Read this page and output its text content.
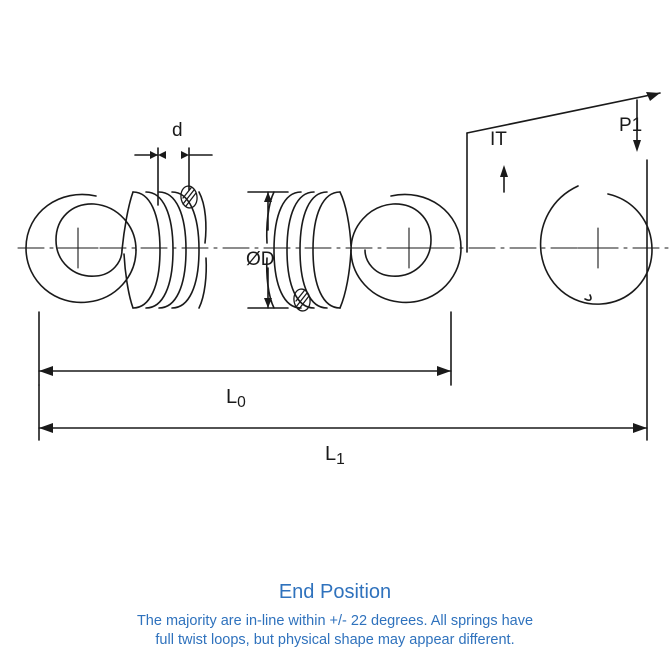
d
ØD
IT
P1
$L_0$
$L_1$
End Position
The majority are in-line within +/- 22 degrees. All springs have
full twist loops, but physical shape may appear different.
